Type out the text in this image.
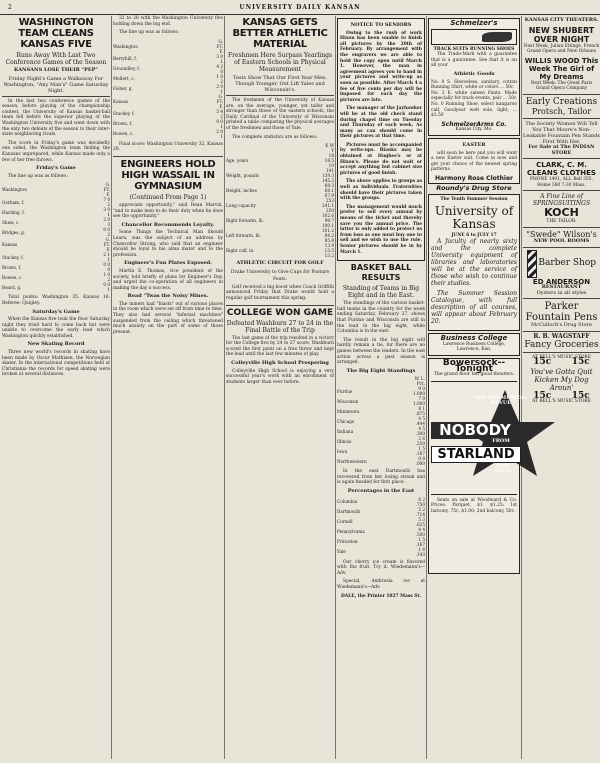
2	UNIVERSITY DAILY KANSAN
WASHINGTON TEAM CLEANS KANSAS FIVE
Runs Away With Last Two Conference Games of the Season
KANSANS LOSE THEIR "PEP"
Friday Night's Game a Walkaway For Washington; "Any Man's" Game Saturday Night.

In the last two conference games of the season, before playing of the championship contest, the University of Kansas basket-ball team fell before the superior playing of the Washington University five and went down with the only two defeats of the season to their inter-state neighboring rivals.

The score in Friday's game was decidedly one sided, the Washington team finding the Kansans unprepared, while Kansas made only a few of her free throws.

Friday's Game

The line up was as follows:

Washington	G. FT. F.
Gorham, f.	7 0 2
Harding, f.	3 0 1
Shaw, c.	2 0 3
Bridges, g.	0 0 2
Kansas	G. FT. F.
Stuckey, f.	2 1 1
Brown, f.	0 0 0
Bowen, c.	1 0 2
Beard, g.	0 0 1

Total points: Washington 35, Kansas 16. Referee: Quigley.

Saturday's Game

When the Kansas five took the floor Saturday night they tried hard to come back but were unable to overcome the early lead which Washington quickly established.

New Skating Record

Three new world's records in skating have been made by Oscar Mathisen, the Norwegian skater. In the international competitions held at Christiania the records for speed skating were broken at several distances.

32 to 20 with the Washington University five holding down the big end.

The line up was as follows:

Washington	G. FT. F.
Berryhill, f.	3 0 1
Groundley, f.	4 2 0
Mellert, c.	1 0 2
Fisher, g.	2 0 1
Kansas	G. FT. F.
Stuckey, f.	3 4 2
Brown, f.	0 0 1
Bowen, c.	2 0 1

Final score: Washington University 32, Kansas 20.

ENGINEERS HOLD HIGH WASSAIL IN GYMNASIUM
(Continued From Page 1)

appreciate opportunity," said Dean Marvin, "and to make men to do their duty when he does see the opportunity."

Chancellor Recommends Loyalty.

Some Things the Technical Man Should Learn, was the subject of an address by Chancellor Strong, who said that an engineer should be loyal to his alma mater and to the profession.

Engineer's Fun Plates Exposed.

Martin E. Thomas, vice president of the society, told briefly of plans for Engineer's Day, and urged the co-operation of all engineers in making the day a success.

Read "Twas the Noisy Mines.

The miners had "blasts" out of various places in the room which were set off from time to time. They also had several "infernal machines" suspended from the ceiling which threatened much anxiety on the part of some of those present.

KANSAS GETS BETTER ATHLETIC MATERIAL
Freshmen Here Surpass Yearlings of Eastern Schools in Physical Measurement
Tests Show That Our First Year Men, Though Younger, Out Lift Yales and Wisconsin's.

The freshmen of the University of Kansas are, on the average, younger, yet taller and stronger than those of the eastern schools, the Daily Cardinal of the University of Wisconsin printed a table comparing the physical averages of the freshmen and those of Yale.

The complete statistics are as follows:

	K W Y
Age, years	18 18.5 19
Weight, pounds	141 139.3 145.2
Height, inches	68.3 68.1 67.9
Lung capacity	253 241.1 250
Right forearm, lb.	102.6 98.7 100.1
Left forearm, lb.	101.2 94.2 95.8
Right calf, in.	13.9 13.5 13.2
ATHLETIC CIRCUIT FOR GOLF
Drake University to Give Cups for Posture Feats.

Golf received a big boost when Coach Griffith announced Friday that Drake would hold a regular golf tournament this spring.

COLLEGE WON GAME
Defeated Washburn 27 to 24 in the Final Battle of the Trip

The last game of the trip resulted in a victory for the College five by 24 to 27 score. Washburn scored the first point on a free throw and kept the lead until the last few minutes of play.

Colleyville High School Prospering

Colleyville High School is enjoying a very successful year's work with an enrollment of students larger than ever before.

NOTICE TO SENIORS

Owing to the rush of work Hixon has been unable to finish all pictures by the 20th of February. By arrangement with the engravers we are able to hold the copy open until March 1. However, the man in agreement agrees you to hand in your pictures and write-up as soon as possible. After March 4 a fee of five cents per day will be imposed for each day the pictures are late.

The manager of the Jayhawker will be at the old check stand during chapel time on Tuesday and Thursday of each week. As many as can should come in their pictures at that time.

Pictures must be accompanied by write-ups. Blanks may be obtained at Hughes's or at Hixon's. Please do not wait or accept anything but cabinet size pictures of good finish.

The above applies to groups as well as individuals. Fraternities should have their pictures taken with the groups.

The management would much prefer to sell every annual by means of the ticket and thereby save you the annual price. The latter is only added to protect us from loss as one must buy one to sell and we wish to use the rule. Senior pictures should be in by March 1.

BASKET BALL RESULTS
Standing of Teams in Big Eight and in the East.

The standings of the various basket-ball teams in the country for the week ending Saturday, February 27, shows that Purdue and Wisconsin are still in the lead in the big eight, while Columbia is in the east.

The result in the big eight will hardly remain a tie, for there are no games between the leaders. In the east action across a past season is arranged.

The Big Eight Standings
	W. L. Pct.
Purdue	9 0 1.000
Wisconsin	7 0 1.000
Minnesota	8 1 .875
Chicago	4 5 .444
Indiana	4 5 .300
Illinois	2 6 .250
Iowa	1 5 .167
Northwestern	0 8 .000

In the east Dartmouth has recovered from her losing streak and is again headed for first place.

Percentages in the East
Columbia	6 2 .750
Dartmouth	5 2 .714
Cornell	5 3 .625
Pennsylvania	4 4 .500
Princeton	1 5 .167
Yale	1 6 .143

Our cherry ice cream is flavored with the fruit. Try it. Wiedemann's—Adv.

Special, Ambrosia ice at Wiedemann's—Adv.

DALE, the Printer 1027 Mass St.
Schmelzer's
TRACK SUITS RUNNING SHOES

The Trade-Mark with a guarantee that is a guarantee. See that it is on all your

Athletic Goods

No. 8 S. Sleeveless, sanitary, cotton Running Shirt, white or colors ... 50c
No. 3 E. white sateen Pants. Made especially for track events, pair ... 50c
No. 0 Running Shoe, select kangaroo calf, Goodyear welt sole, light, ... $3.50

SchmelzerArms Co.
Kansas City, Mo.
EASTER

will soon be here and you will want a new Easter suit. Come in now and get your choice of the newest spring patterns.

Harmony Rose Clothier
Roundy's Drug Store
The Tenth Summer Session
University of Kansas
JUNE 6 to JULY 17

A faculty of nearly sixty and the complete University equipment of libraries and laboratories will be at the service of those who wish to continue their studies.

The Summer Session Catalogue, with full description of all courses, will appear about February 20.

Business College
Lawrence Business College, Lawrence, Kan.
Bowersock--Tonight
The grand floor ten good theaters.
THE BIG MUSICAL REVUE
NOBODY
FROM
STARLAND
MISS OLIVE

Seats on sale at Woodward & Co. Prices: Parquet, $1. $1.25; 1st balcony, 75c, $1.00; 2nd balcony, 50c.

KANSAS CITY THEATERS.
NEW SHUBERT OVER NIGHT
Next Week, Julian Eltinge, French Grand Opera and New Orleans
WILLIS WOOD This Week The Girl of My Dreams
Next Week: The Great Paris Grand Opera Company
Early Creations
Protsch, Tailor
The Society Women Will Tell You That Moore's Non-Leakable Fountain Pen Stands First With Her.
For Sale at The INDIAN STORE
CLARK, C. M. CLEANS CLOTHES
PHONE 1401, ALL Bell 355. Home 360 7:30 Mass.
A Fine Line of SPRINGSUITINGS
KOCH
THE TAILOR.
"Swede" Wilson's
NEW POOL ROOMS
Barber Shop
ED ANDERSON
RESTAURANT
Oysters in all styles
Parker Fountain Pens
McCulloch's Drug Store
R. B. WAGSTAFF
Fancy Groceries
AT BELL'S MUSIC STORE
15c 15c
You've Gotta Quit Kicken My Dog Aroun'
15c 15c
AT BELL'S MUSIC STORE
